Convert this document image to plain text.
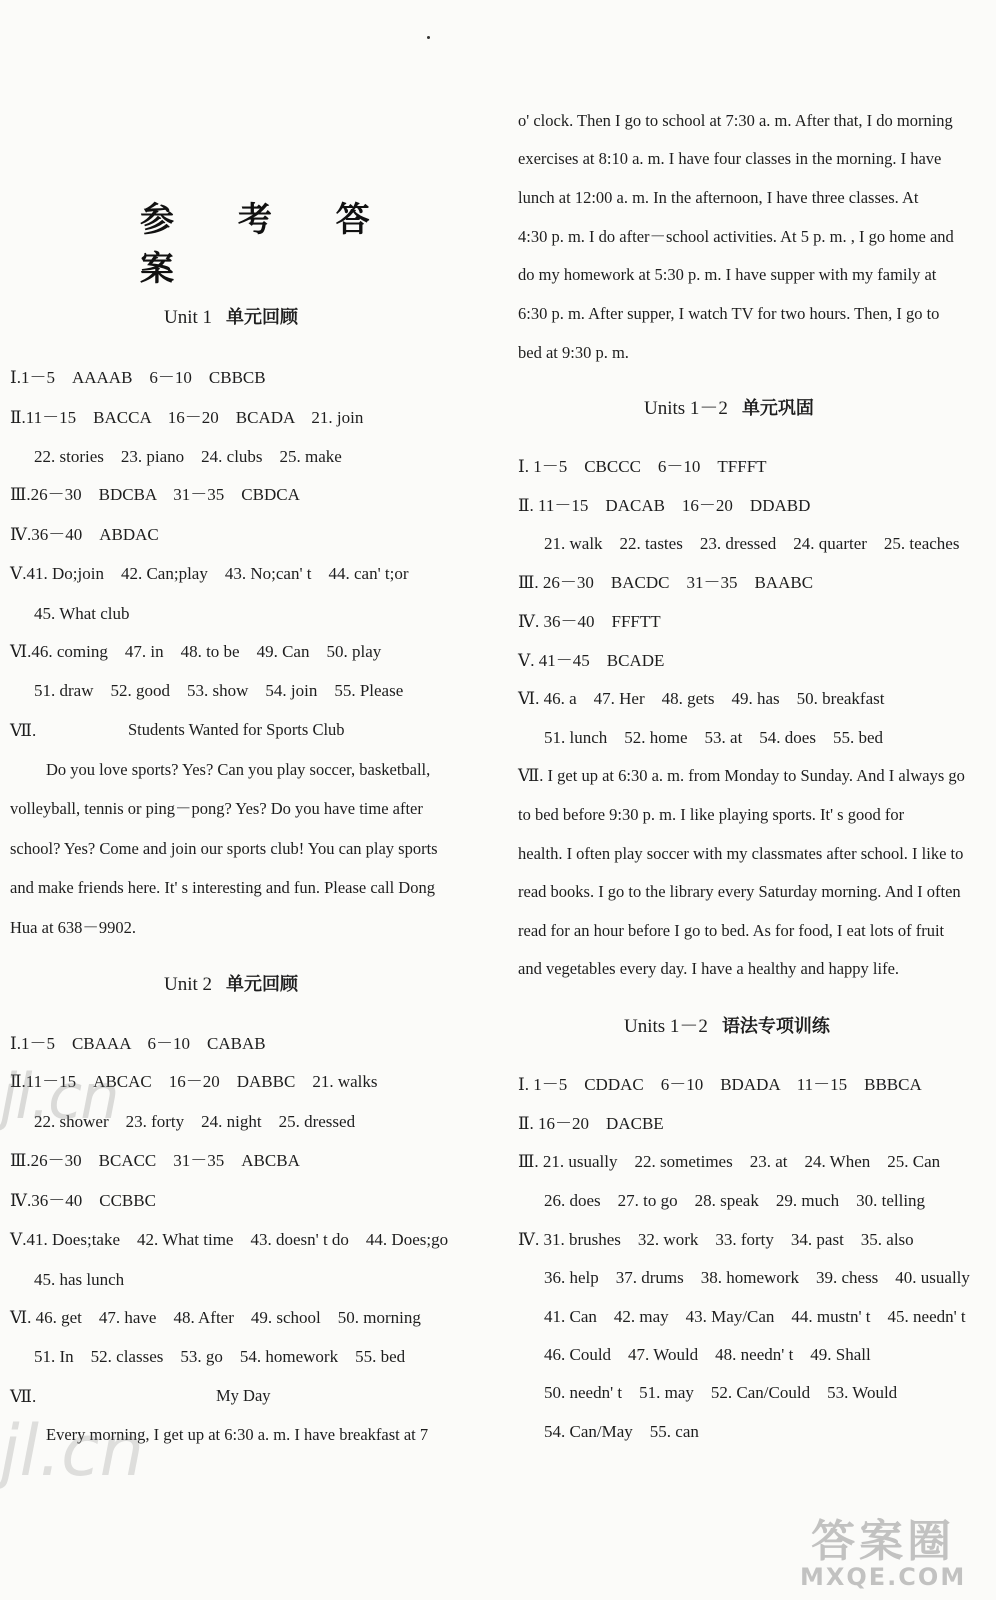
参 考 答 案
Unit 1 单元回顾
Ⅰ.1－5　AAAAB　6－10　CBBCB
Ⅱ.11－15　BACCA　16－20　BCADA　21. join
22. stories　23. piano　24. clubs　25. make
Ⅲ.26－30　BDCBA　31－35　CBDCA
Ⅳ.36－40　ABDAC
Ⅴ.41. Do;join　42. Can;play　43. No;can' t　44. can' t;or
45. What club
Ⅵ.46. coming　47. in　48. to be　49. Can　50. play
51. draw　52. good　53. show　54. join　55. Please
Ⅶ.	Students Wanted for Sports Club
Do you love sports? Yes? Can you play soccer, basketball,
volleyball, tennis or ping－pong? Yes? Do you have time after
school? Yes? Come and join our sports club! You can play sports
and make friends here. It' s interesting and fun. Please call Dong
Hua at 638－9902.
Unit 2 单元回顾
Ⅰ.1－5　CBAAA　6－10　CABAB
Ⅱ.11－15　ABCAC　16－20　DABBC　21. walks
22. shower　23. forty　24. night　25. dressed
Ⅲ.26－30　BCACC　31－35　ABCBA
Ⅳ.36－40　CCBBC
Ⅴ.41. Does;take　42. What time　43. doesn' t do　44. Does;go
45. has lunch
Ⅵ. 46. get　47. have　48. After　49. school　50. morning
51. In　52. classes　53. go　54. homework　55. bed
Ⅶ.	My Day
Every morning, I get up at 6:30 a. m. I have breakfast at 7
o' clock. Then I go to school at 7:30 a. m. After that, I do morning
exercises at 8:10 a. m. I have four classes in the morning. I have
lunch at 12:00 a. m. In the afternoon, I have three classes. At
4:30 p. m. I do after－school activities. At 5 p. m. , I go home and
do my homework at 5:30 p. m. I have supper with my family at
6:30 p. m. After supper, I watch TV for two hours. Then, I go to
bed at 9:30 p. m.
Units 1－2 单元巩固
Ⅰ. 1－5　CBCCC　6－10　TFFFT
Ⅱ. 11－15　DACAB　16－20　DDABD
21. walk　22. tastes　23. dressed　24. quarter　25. teaches
Ⅲ. 26－30　BACDC　31－35　BAABC
Ⅳ. 36－40　FFFTT
Ⅴ. 41－45　BCADE
Ⅵ. 46. a　47. Her　48. gets　49. has　50. breakfast
51. lunch　52. home　53. at　54. does　55. bed
Ⅶ. I get up at 6:30 a. m. from Monday to Sunday. And I always go
to bed before 9:30 p. m. I like playing sports. It' s good for
health. I often play soccer with my classmates after school. I like to
read books. I go to the library every Saturday morning. And I often
read for an hour before I go to bed. As for food, I eat lots of fruit
and vegetables every day. I have a healthy and happy life.
Units 1－2 语法专项训练
Ⅰ. 1－5　CDDAC　6－10　BDADA　11－15　BBBCA
Ⅱ. 16－20　DACBE
Ⅲ. 21. usually　22. sometimes　23. at　24. When　25. Can
26. does　27. to go　28. speak　29. much　30. telling
Ⅳ. 31. brushes　32. work　33. forty　34. past　35. also
36. help　37. drums　38. homework　39. chess　40. usually
41. Can　42. may　43. May/Can　44. mustn' t　45. needn' t
46. Could　47. Would　48. needn' t　49. Shall
50. needn' t　51. may　52. Can/Could　53. Would
54. Can/May　55. can
jl.cn
jl.cn
答案圈
MXQE.COM
